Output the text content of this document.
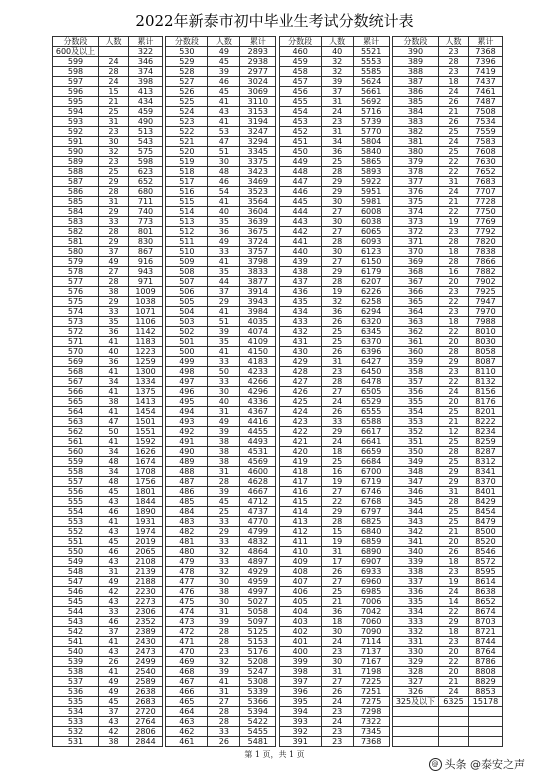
2022年新泰市初中毕业生考试分数统计表
分数段	人数	累计
600及以上		322
599	24	346
598	28	374
597	24	398
596	15	413
595	21	434
594	25	459
593	31	490
592	23	513
591	30	543
590	32	575
589	23	598
588	25	623
587	29	652
586	28	680
585	31	711
584	29	740
583	33	773
582	28	801
581	29	830
580	37	867
579	49	916
578	27	943
577	28	971
576	38	1009
575	29	1038
574	33	1071
573	35	1106
572	36	1142
571	41	1183
570	40	1223
569	36	1259
568	41	1300
567	34	1334
566	41	1375
565	38	1413
564	41	1454
563	47	1501
562	50	1551
561	41	1592
560	34	1626
559	48	1674
558	34	1708
557	48	1756
556	45	1801
555	43	1844
554	46	1890
553	41	1931
552	43	1974
551	45	2019
550	46	2065
549	43	2108
548	31	2139
547	49	2188
546	42	2230
545	43	2273
544	33	2306
543	46	2352
542	37	2389
541	41	2430
540	43	2473
539	26	2499
538	41	2540
537	49	2589
536	49	2638
535	45	2683
534	37	2720
533	43	2764
532	42	2806
531	38	2844
分数段	人数	累计
530	49	2893
529	45	2938
528	39	2977
527	46	3024
526	45	3069
525	41	3110
524	43	3153
523	41	3194
522	53	3247
521	47	3294
520	51	3345
519	30	3375
518	48	3423
517	46	3469
516	54	3523
515	41	3564
514	40	3604
513	35	3639
512	36	3675
511	49	3724
510	33	3757
509	41	3798
508	35	3833
507	44	3877
506	37	3914
505	29	3943
504	41	3984
503	51	4035
502	39	4074
501	35	4109
500	41	4150
499	33	4183
498	50	4233
497	33	4266
496	30	4296
495	40	4336
494	31	4367
493	49	4416
492	39	4455
491	38	4493
490	38	4531
489	38	4569
488	31	4600
487	28	4628
486	39	4667
485	45	4712
484	25	4737
483	33	4770
482	29	4799
481	33	4832
480	32	4864
479	33	4897
478	32	4929
477	30	4959
476	38	4997
475	30	5027
474	31	5058
473	39	5097
472	28	5125
471	28	5153
470	23	5176
469	32	5208
468	39	5247
467	41	5308
466	31	5339
465	27	5366
464	28	5394
463	28	5422
462	33	5455
461	26	5481
分数段	人数	累计
460	40	5521
459	32	5553
458	32	5585
457	39	5624
456	37	5661
455	31	5692
454	24	5716
453	23	5739
452	31	5770
451	34	5804
450	36	5840
449	25	5865
448	28	5893
447	29	5922
446	29	5951
445	30	5981
444	27	6008
443	30	6038
442	27	6065
441	28	6093
440	30	6123
439	27	6150
438	29	6179
437	28	6207
436	19	6226
435	32	6258
434	36	6294
433	26	6320
432	25	6345
431	25	6370
430	26	6396
429	31	6427
428	23	6450
427	28	6478
426	27	6505
425	24	6529
424	26	6555
423	33	6588
422	29	6617
421	24	6641
420	18	6659
419	25	6684
418	16	6700
417	19	6719
416	27	6746
415	22	6768
414	29	6797
413	28	6825
412	15	6840
411	19	6859
410	31	6890
409	17	6907
408	26	6933
407	27	6960
406	25	6985
405	21	7006
404	36	7042
403	18	7060
402	30	7090
401	24	7114
400	23	7137
399	30	7167
398	31	7198
397	27	7225
396	26	7251
395	24	7275
394	23	7298
393	24	7322
392	23	7345
391	23	7368
分数段	人数	累计
390	23	7368
389	28	7396
388	23	7419
387	18	7437
386	24	7461
385	26	7487
384	21	7508
383	26	7534
382	25	7559
381	24	7583
380	25	7608
379	22	7630
378	22	7652
377	31	7683
376	24	7707
375	21	7728
374	22	7750
373	19	7769
372	23	7792
371	28	7820
370	18	7838
369	28	7866
368	16	7882
367	20	7902
366	23	7925
365	22	7947
364	23	7970
363	18	7988
362	22	8010
361	20	8030
360	28	8058
359	29	8087
358	23	8110
357	22	8132
356	24	8156
355	20	8176
354	25	8201
353	21	8222
352	12	8234
351	25	8259
350	28	8287
349	25	8312
348	29	8341
347	29	8370
346	31	8401
345	28	8429
344	25	8454
343	25	8479
342	21	8500
341	20	8520
340	26	8546
339	18	8572
338	23	8595
337	19	8614
336	24	8638
335	14	8652
334	22	8674
333	29	8703
332	18	8721
331	23	8744
330	20	8764
329	22	8786
328	20	8808
327	21	8829
326	24	8853
325及以下	6325	15178

第 1 页，共 1 页
@ 头条 @泰安之声
